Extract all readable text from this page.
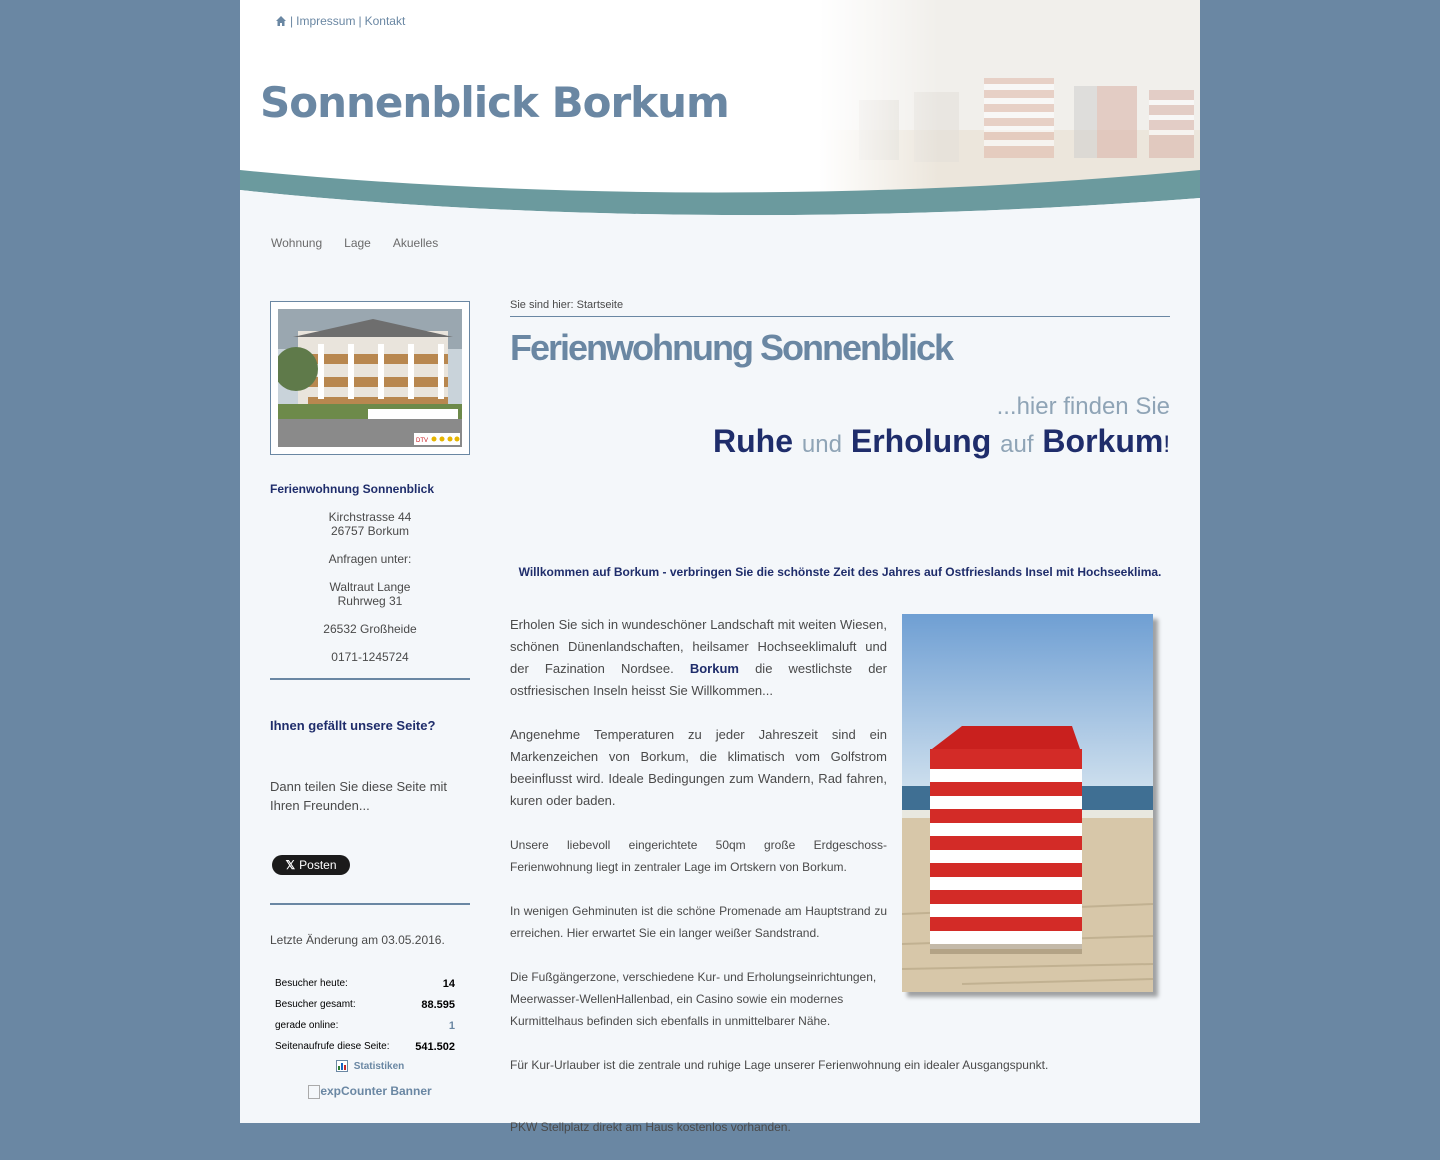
| Impressum | Kontakt
Sonnenblick Borkum
Wohnung Lage Akuelles
DTV
Ferienwohnung Sonnenblick

Kirchstrasse 44
26757 Borkum

Anfragen unter:

Waltraut Lange
Ruhrweg 31

26532 Großheide

0171-1245724

Ihnen gefällt unsere Seite?
Dann teilen Sie diese Seite mit Ihren Freunden...
𝕏 Posten
Letzte Änderung am 03.05.2016.
Besucher heute:	14
Besucher gesamt:	88.595
gerade online:	1
Seitenaufrufe diese Seite: 541.502
Statistiken
expCounter Banner
Sie sind hier: Startseite
Ferienwohnung Sonnenblick
...hier finden Sie
Ruhe und Erholung auf Borkum!
Willkommen auf Borkum - verbringen Sie die schönste Zeit des Jahres auf Ostfrieslands Insel mit Hochseeklima.

Erholen Sie sich in wundeschöner Landschaft mit weiten Wiesen, schönen Dünenlandschaften, heilsamer Hochseeklimaluft und der Fazination Nordsee. Borkum die westlichste der ostfriesischen Inseln heisst Sie Willkommen...

Angenehme Temperaturen zu jeder Jahreszeit sind ein Markenzeichen von Borkum, die klimatisch vom Golfstrom beeinflusst wird. Ideale Bedingungen zum Wandern, Rad fahren, kuren oder baden.

Unsere liebevoll eingerichtete 50qm große Erdgeschoss-Ferienwohnung liegt in zentraler Lage im Ortskern von Borkum.

In wenigen Gehminuten ist die schöne Promenade am Hauptstrand zu erreichen. Hier erwartet Sie ein langer weißer Sandstrand.

Die Fußgängerzone, verschiedene Kur- und Erholungseinrichtungen, Meerwasser-WellenHallenbad, ein Casino sowie ein modernes Kurmittelhaus befinden sich ebenfalls in unmittelbarer Nähe.

Für Kur-Urlauber ist die zentrale und ruhige Lage unserer Ferienwohnung ein idealer Ausgangspunkt.

PKW Stellplatz direkt am Haus kostenlos vorhanden.
